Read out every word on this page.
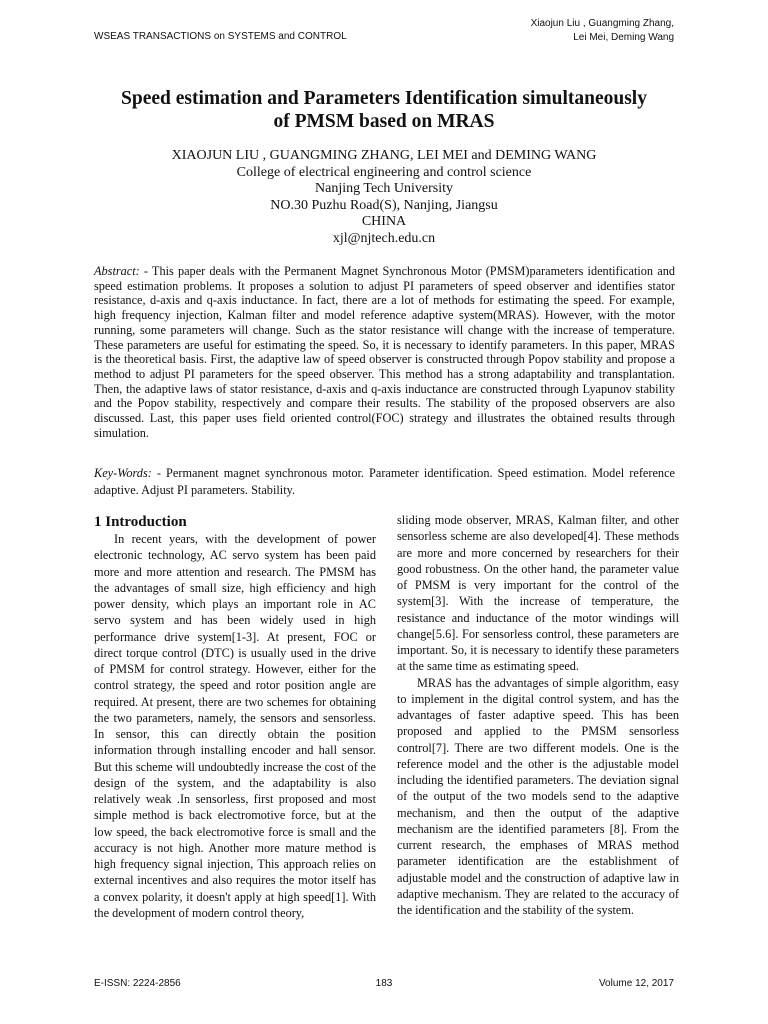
WSEAS TRANSACTIONS on SYSTEMS and CONTROL
Xiaojun Liu , Guangming Zhang,
Lei Mei, Deming Wang
Speed estimation and Parameters Identification simultaneously
of PMSM based on MRAS
XIAOJUN LIU , GUANGMING ZHANG, LEI MEI and DEMING WANG
College of electrical engineering and control science
Nanjing Tech University
NO.30 Puzhu Road(S), Nanjing, Jiangsu
CHINA
xjl@njtech.edu.cn
Abstract: - This paper deals with the Permanent Magnet Synchronous Motor (PMSM)parameters identification and speed estimation problems. It proposes a solution to adjust PI parameters of speed observer and identifies stator resistance, d-axis and q-axis inductance. In fact, there are a lot of methods for estimating the speed. For example, high frequency injection, Kalman filter and model reference adaptive system(MRAS). However, with the motor running, some parameters will change. Such as the stator resistance will change with the increase of temperature. These parameters are useful for estimating the speed. So, it is necessary to identify parameters. In this paper, MRAS is the theoretical basis. First, the adaptive law of speed observer is constructed through Popov stability and propose a method to adjust PI parameters for the speed observer. This method has a strong adaptability and transplantation. Then, the adaptive laws of stator resistance, d-axis and q-axis inductance are constructed through Lyapunov stability and the Popov stability, respectively and compare their results. The stability of the proposed observers are also discussed. Last, this paper uses field oriented control(FOC) strategy and illustrates the obtained results through simulation.
Key-Words: - Permanent magnet synchronous motor. Parameter identification. Speed estimation. Model reference adaptive. Adjust PI parameters. Stability.
1 Introduction

In recent years, with the development of power electronic technology, AC servo system has been paid more and more attention and research. The PMSM has the advantages of small size, high efficiency and high power density, which plays an important role in AC servo system and has been widely used in high performance drive system[1-3]. At present, FOC or direct torque control (DTC) is usually used in the drive of PMSM for control strategy. However, either for the control strategy, the speed and rotor position angle are required. At present, there are two schemes for obtaining the two parameters, namely, the sensors and sensorless. In sensor, this can directly obtain the position information through installing encoder and hall sensor. But this scheme will undoubtedly increase the cost of the design of the system, and the adaptability is also relatively weak .In sensorless, first proposed and most simple method is back electromotive force, but at the low speed, the back electromotive force is small and the accuracy is not high. Another more mature method is high frequency signal injection, This approach relies on external incentives and also requires the motor itself has a convex polarity, it doesn't apply at high speed[1]. With the development of modern control theory,

sliding mode observer, MRAS, Kalman filter, and other sensorless scheme are also developed[4]. These methods are more and more concerned by researchers for their good robustness. On the other hand, the parameter value of PMSM is very important for the control of the system[3]. With the increase of temperature, the resistance and inductance of the motor windings will change[5.6]. For sensorless control, these parameters are important. So, it is necessary to identify these parameters at the same time as estimating speed.

MRAS has the advantages of simple algorithm, easy to implement in the digital control system, and has the advantages of faster adaptive speed. This has been proposed and applied to the PMSM sensorless control[7]. There are two different models. One is the reference model and the other is the adjustable model including the identified parameters. The deviation signal of the output of the two models send to the adaptive mechanism, and then the output of the adaptive mechanism are the identified parameters [8]. From the current research, the emphases of MRAS method parameter identification are the establishment of adjustable model and the construction of adaptive law in adaptive mechanism. They are related to the accuracy of the identification and the stability of the system.

E-ISSN: 2224-2856	183	Volume 12, 2017
